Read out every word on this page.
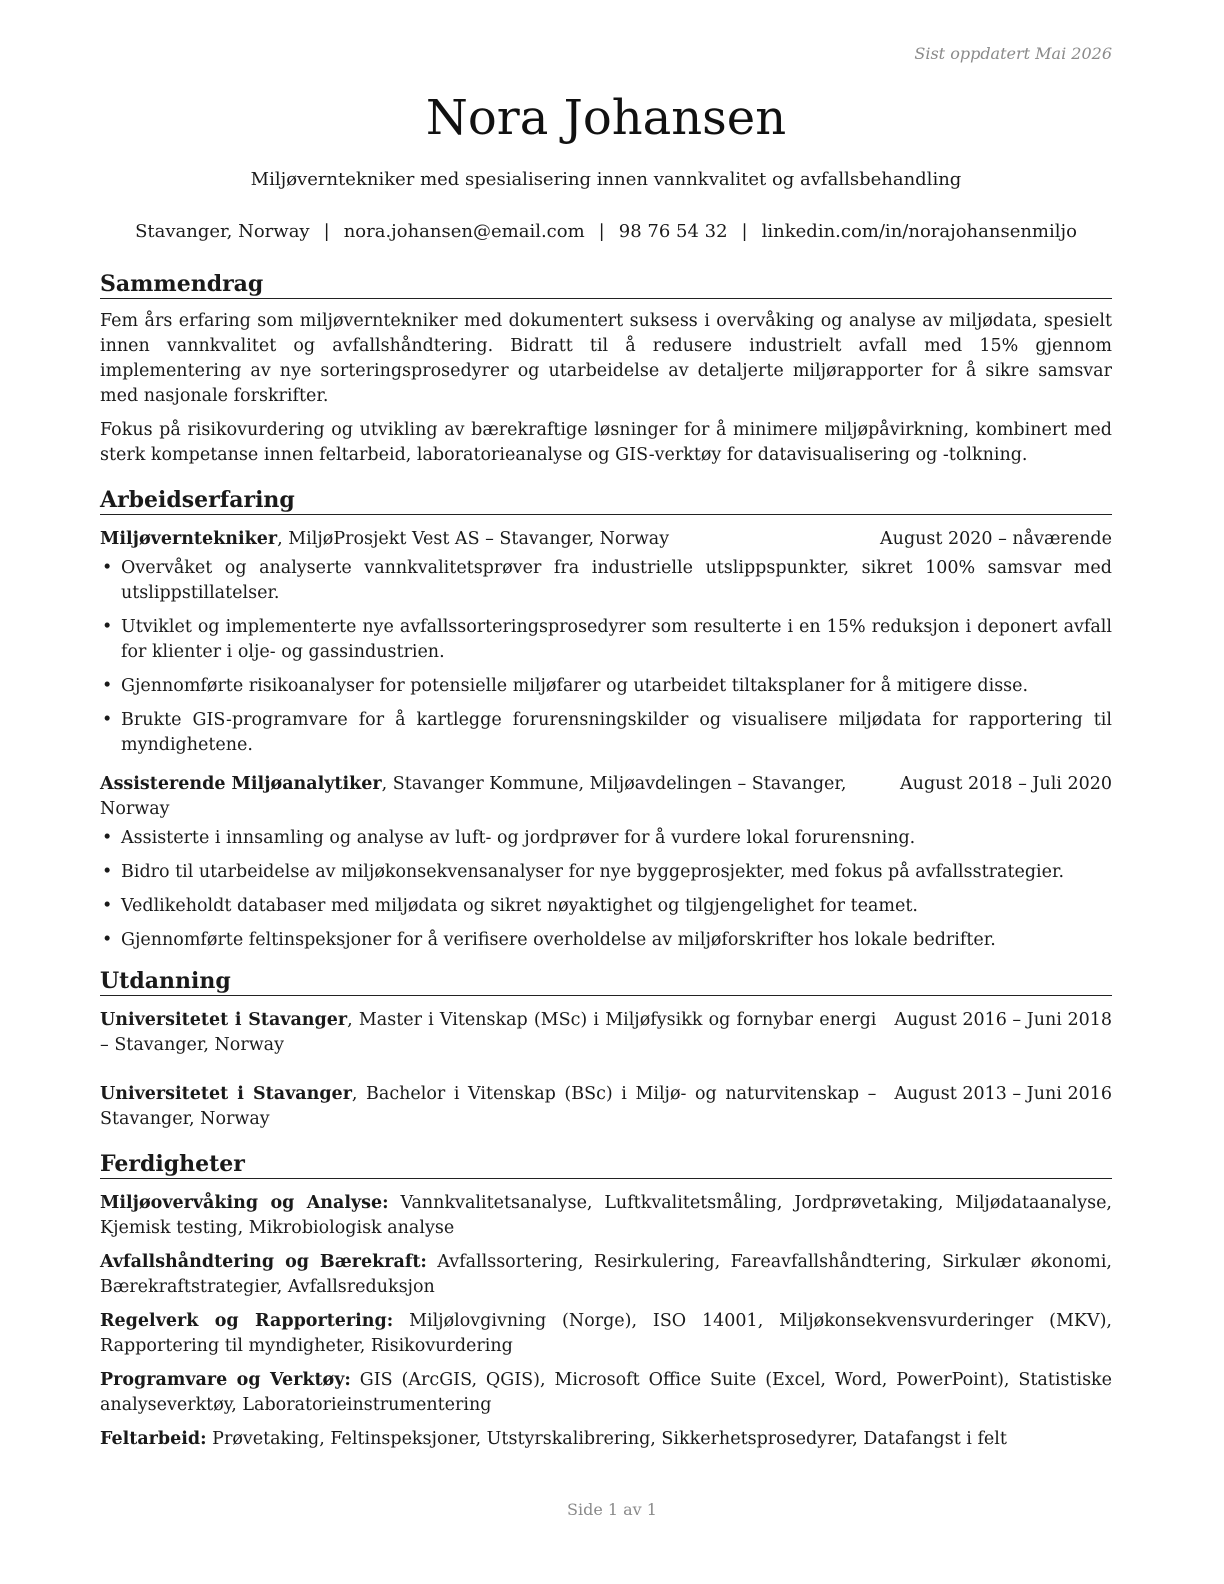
Sist oppdatert Mai 2026
Nora Johansen
Miljøverntekniker med spesialisering innen vannkvalitet og avfallsbehandling
Stavanger, Norway | nora.johansen@email.com | 98 76 54 32 | linkedin.com/in/norajohansenmiljo
Sammendrag

Fem års erfaring som miljøverntekniker med dokumentert suksess i overvåking og analyse av miljødata, spesielt innen vannkvalitet og avfallshåndtering. Bidratt til å redusere industrielt avfall med 15% gjennom implementering av nye sorteringsprosedyrer og utarbeidelse av detaljerte miljørapporter for å sikre samsvar med nasjonale forskrifter.

Fokus på risikovurdering og utvikling av bærekraftige løsninger for å minimere miljøpåvirkning, kombinert med sterk kompetanse innen feltarbeid, laboratorieanalyse og GIS-verktøy for datavisualisering og -tolkning.

Arbeidserfaring
Miljøverntekniker, MiljøProsjekt Vest AS – Stavanger, Norway	August 2020 – nåværende
• Overvåket og analyserte vannkvalitetsprøver fra industrielle utslippspunkter, sikret 100% samsvar med utslippstillatelser.
• Utviklet og implementerte nye avfallssorteringsprosedyrer som resulterte i en 15% reduksjon i deponert avfall for klienter i olje- og gassindustrien.
• Gjennomførte risikoanalyser for potensielle miljøfarer og utarbeidet tiltaksplaner for å mitigere disse.
• Brukte GIS-programvare for å kartlegge forurensningskilder og visualisere miljødata for rapportering til myndighetene.
Assisterende Miljøanalytiker, Stavanger Kommune, Miljøavdelingen – Stavanger, Norway
August 2018 – Juli 2020
• Assisterte i innsamling og analyse av luft- og jordprøver for å vurdere lokal forurensning.
• Bidro til utarbeidelse av miljøkonsekvensanalyser for nye byggeprosjekter, med fokus på avfallsstrategier.
• Vedlikeholdt databaser med miljødata og sikret nøyaktighet og tilgjengelighet for teamet.
• Gjennomførte feltinspeksjoner for å verifisere overholdelse av miljøforskrifter hos lokale bedrifter.
Utdanning
Universitetet i Stavanger, Master i Vitenskap (MSc) i Miljøfysikk og fornybar energi – Stavanger, Norway
August 2016 – Juni 2018
Universitetet i Stavanger, Bachelor i Vitenskap (BSc) i Miljø- og naturvitenskap – Stavanger, Norway
August 2013 – Juni 2016
Ferdigheter
Miljøovervåking og Analyse: Vannkvalitetsanalyse, Luftkvalitetsmåling, Jordprøvetaking, Miljødataanalyse, Kjemisk testing, Mikrobiologisk analyse
Avfallshåndtering og Bærekraft: Avfallssortering, Resirkulering, Fareavfallshåndtering, Sirkulær økonomi, Bærekraftstrategier, Avfallsreduksjon
Regelverk og Rapportering: Miljølovgivning (Norge), ISO 14001, Miljøkonsekvensvurderinger (MKV), Rapportering til myndigheter, Risikovurdering
Programvare og Verktøy: GIS (ArcGIS, QGIS), Microsoft Office Suite (Excel, Word, PowerPoint), Statistiske analyseverktøy, Laboratorieinstrumentering
Feltarbeid: Prøvetaking, Feltinspeksjoner, Utstyrskalibrering, Sikkerhetsprosedyrer, Datafangst i felt
Side 1 av 1
